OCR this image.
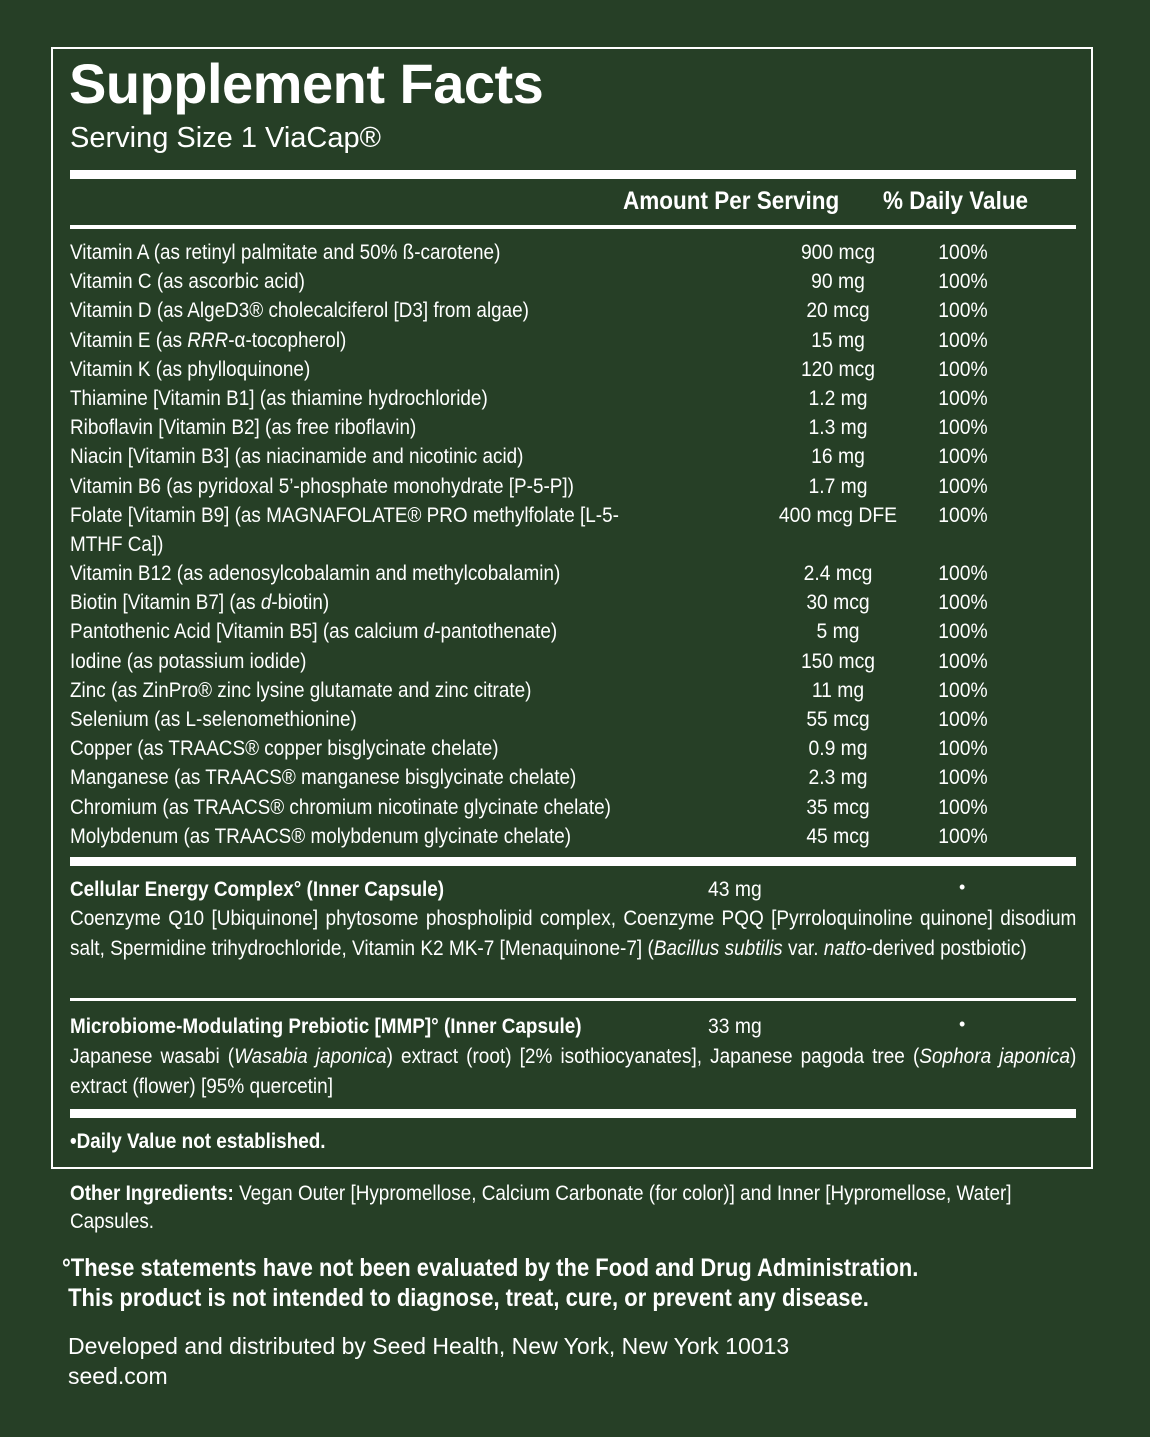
Supplement Facts
Serving Size 1 ViaCap®
Amount Per Serving % Daily Value
Vitamin A (as retinyl palmitate and 50% ß-carotene)	900 mcg	100%
Vitamin C (as ascorbic acid)	90 mg	100%
Vitamin D (as AlgeD3® cholecalciferol [D3] from algae)	20 mcg	100%
Vitamin E (as RRR-α-tocopherol)	15 mg	100%
Vitamin K (as phylloquinone)	120 mcg	100%
Thiamine [Vitamin B1] (as thiamine hydrochloride)	1.2 mg	100%
Riboflavin [Vitamin B2] (as free riboflavin)	1.3 mg	100%
Niacin [Vitamin B3] (as niacinamide and nicotinic acid)	16 mg	100%
Vitamin B6 (as pyridoxal 5’-phosphate monohydrate [P-5-P])	1.7 mg	100%
Folate [Vitamin B9] (as MAGNAFOLATE® PRO methylfolate [L-5-MTHF Ca])
400 mcg DFE	100%
Vitamin B12 (as adenosylcobalamin and methylcobalamin)	2.4 mcg	100%
Biotin [Vitamin B7] (as d-biotin)	30 mcg	100%
Pantothenic Acid [Vitamin B5] (as calcium d-pantothenate)	5 mg	100%
Iodine (as potassium iodide)	150 mcg	100%
Zinc (as ZinPro® zinc lysine glutamate and zinc citrate)	11 mg	100%
Selenium (as L-selenomethionine)	55 mcg	100%
Copper (as TRAACS® copper bisglycinate chelate)	0.9 mg	100%
Manganese (as TRAACS® manganese bisglycinate chelate)	2.3 mg	100%
Chromium (as TRAACS® chromium nicotinate glycinate chelate)	35 mcg	100%
Molybdenum (as TRAACS® molybdenum glycinate chelate)	45 mcg	100%
Cellular Energy Complex° (Inner Capsule)	43 mg	•
Coenzyme Q10 [Ubiquinone] phytosome phospholipid complex, Coenzyme PQQ [Pyrroloquinoline quinone] disodium salt, Spermidine trihydrochloride, Vitamin K2 MK-7 [Menaquinone-7] (Bacillus subtilis var. natto-derived postbiotic)
Microbiome-Modulating Prebiotic [MMP]° (Inner Capsule)	33 mg	•
Japanese wasabi (Wasabia japonica) extract (root) [2% isothiocyanates], Japanese pagoda tree (Sophora japonica) extract (flower) [95% quercetin]
•Daily Value not established.
Other Ingredients: Vegan Outer [Hypromellose, Calcium Carbonate (for color)] and Inner [Hypromellose, Water] Capsules.
°These statements have not been evaluated by the Food and Drug Administration.
This product is not intended to diagnose, treat, cure, or prevent any disease.
Developed and distributed by Seed Health, New York, New York 10013
seed.com
